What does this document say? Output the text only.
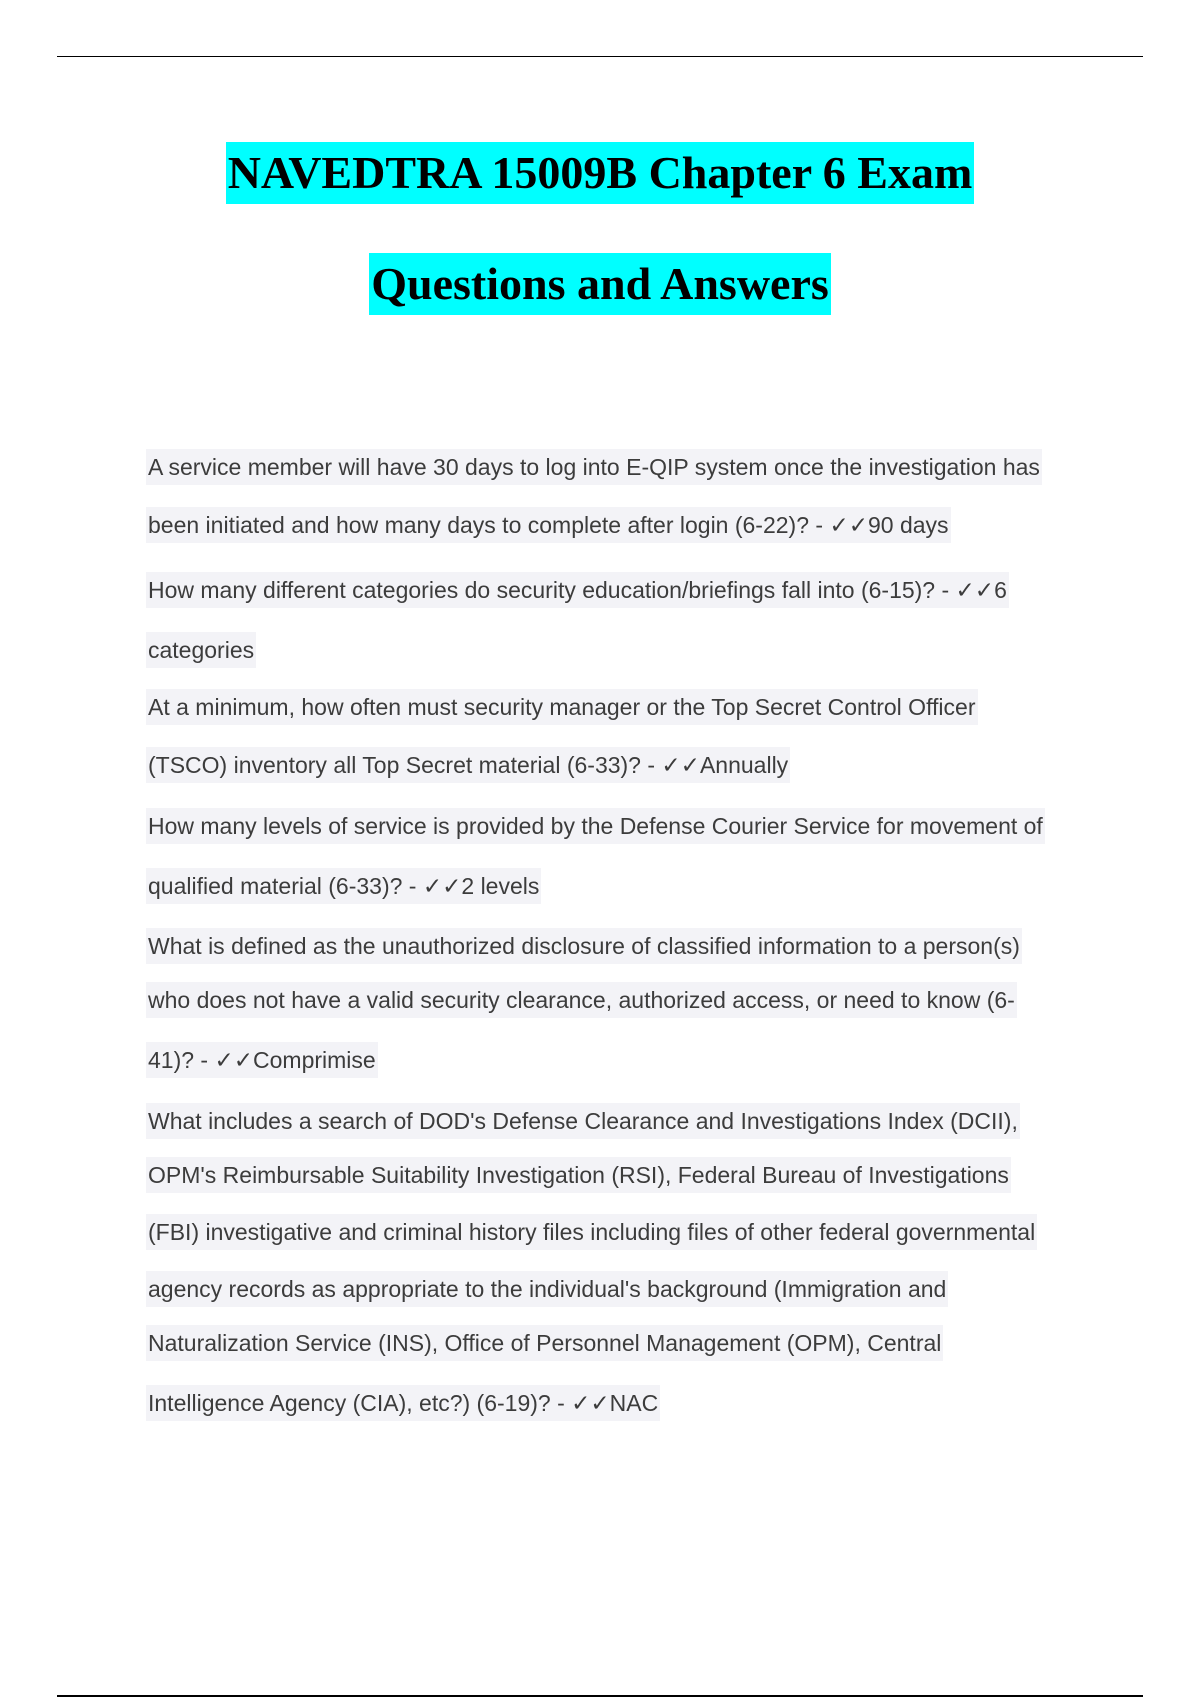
NAVEDTRA 15009B Chapter 6 Exam
Questions and Answers
A service member will have 30 days to log into E-QIP system once the investigation has
been initiated and how many days to complete after login (6-22)? - ✓✓90 days
How many different categories do security education/briefings fall into (6-15)? - ✓✓6
categories
At a minimum, how often must security manager or the Top Secret Control Officer
(TSCO) inventory all Top Secret material (6-33)? - ✓✓Annually
How many levels of service is provided by the Defense Courier Service for movement of
qualified material (6-33)? - ✓✓2 levels
What is defined as the unauthorized disclosure of classified information to a person(s)
who does not have a valid security clearance, authorized access, or need to know (6-
41)? - ✓✓Comprimise
What includes a search of DOD's Defense Clearance and Investigations Index (DCII),
OPM's Reimbursable Suitability Investigation (RSI), Federal Bureau of Investigations
(FBI) investigative and criminal history files including files of other federal governmental
agency records as appropriate to the individual's background (Immigration and
Naturalization Service (INS), Office of Personnel Management (OPM), Central
Intelligence Agency (CIA), etc?) (6-19)? - ✓✓NAC
